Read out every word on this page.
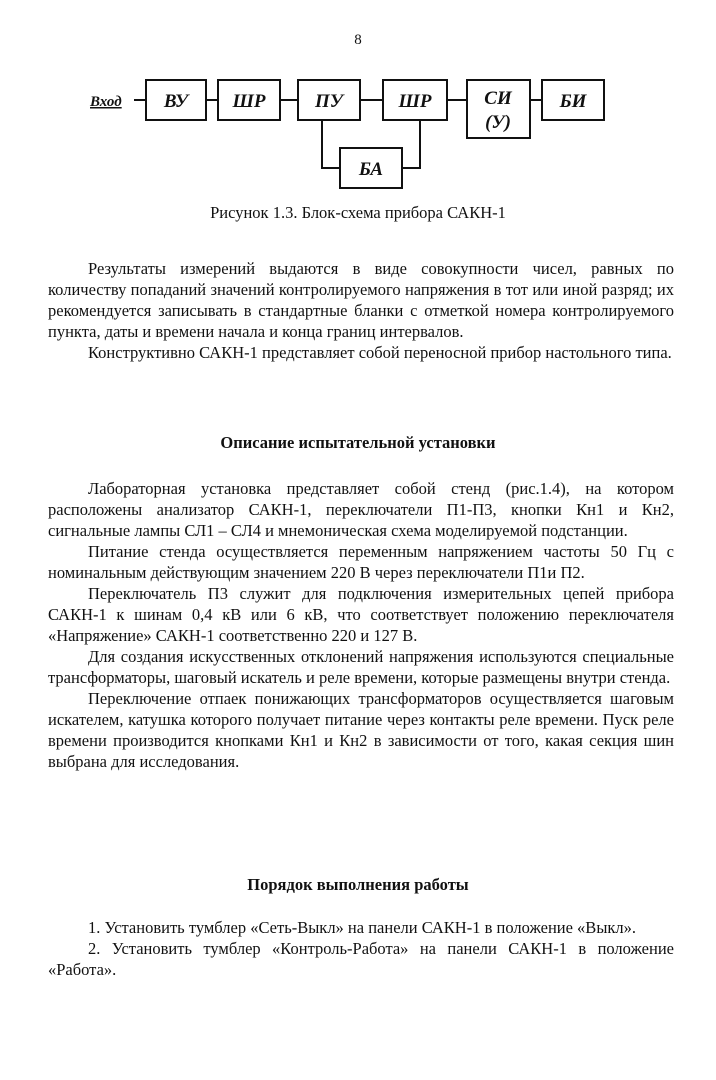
8
Вход ВУ ШР	ПУ	ШР	СИ
(У)
БИ
БА
Рисунок 1.3. Блок-схема прибора САКН-1

Результаты измерений выдаются в виде совокупности чисел, равных по количеству попаданий значений контролируемого напряжения в тот или иной разряд; их рекомендуется записывать в стандартные бланки с отметкой номера контролируемого пункта, даты и времени начала и конца границ интервалов.

Конструктивно САКН-1 представляет собой переносной прибор настольного типа.

Описание испытательной установки

Лабораторная установка представляет собой стенд (рис.1.4), на котором расположены анализатор САКН-1, переключатели П1-П3, кнопки Кн1 и Кн2, сигнальные лампы СЛ1 – СЛ4 и мнемоническая схема моделируемой подстанции.

Питание стенда осуществляется переменным напряжением частоты 50 Гц с номинальным действующим значением 220 В через переключатели П1и П2.

Переключатель П3 служит для подключения измерительных цепей прибора САКН-1 к шинам 0,4 кВ или 6 кВ, что соответствует положению переключателя «Напряжение» САКН-1 соответственно 220 и 127 В.

Для создания искусственных отклонений напряжения используются специальные трансформаторы, шаговый искатель и реле времени, которые размещены внутри стенда.

Переключение отпаек понижающих трансформаторов осуществляется шаговым искателем, катушка которого получает питание через контакты реле времени. Пуск реле времени производится кнопками Кн1 и Кн2 в зависимости от того, какая секция шин выбрана для исследования.

Порядок выполнения работы

1. Установить тумблер «Сеть-Выкл» на панели САКН-1 в положение «Выкл».

2. Установить тумблер «Контроль-Работа» на панели САКН-1 в положение «Работа».
